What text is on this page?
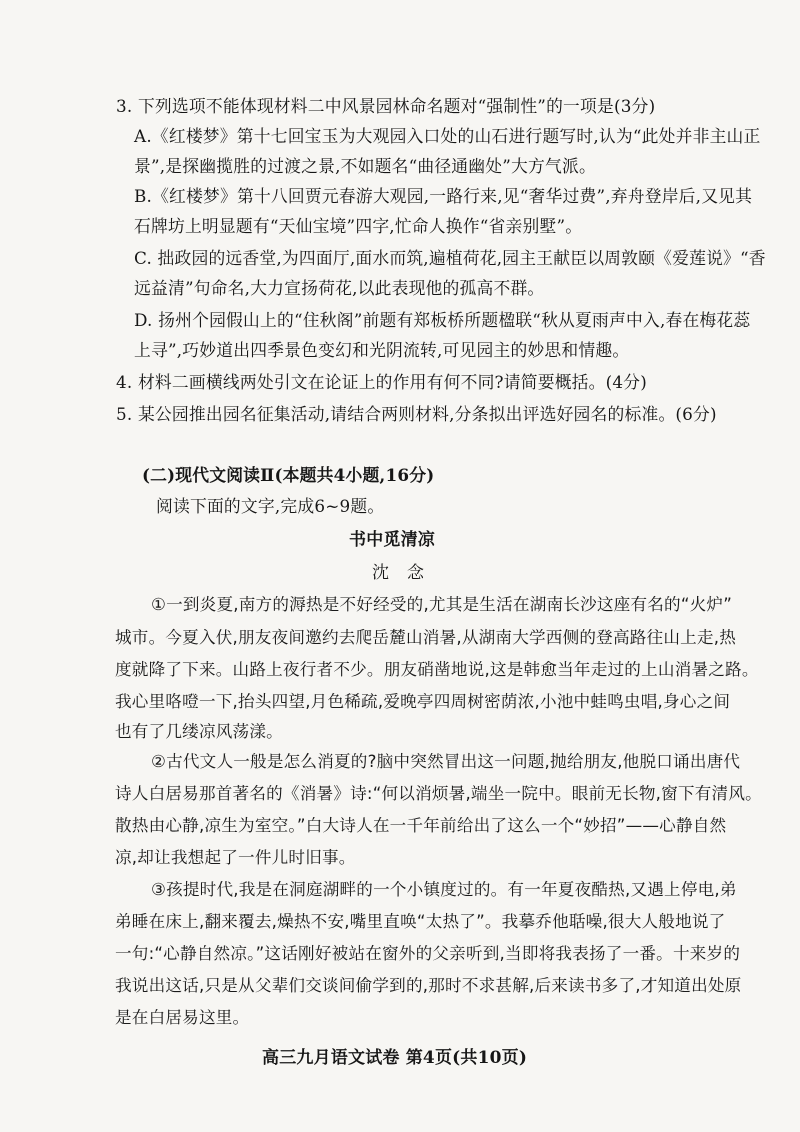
3. 下列选项不能体现材料二中风景园林命名题对“强制性”的一项是(3分)
A.《红楼梦》第十七回宝玉为大观园入口处的山石进行题写时,认为“此处并非主山正
景”,是探幽揽胜的过渡之景,不如题名“曲径通幽处”大方气派。
B.《红楼梦》第十八回贾元春游大观园,一路行来,见“奢华过费”,弃舟登岸后,又见其
石牌坊上明显题有“天仙宝境”四字,忙命人换作“省亲别墅”。
C. 拙政园的远香堂,为四面厅,面水而筑,遍植荷花,园主王献臣以周敦颐《爱莲说》“香
远益清”句命名,大力宣扬荷花,以此表现他的孤高不群。
D. 扬州个园假山上的“住秋阁”前题有郑板桥所题楹联“秋从夏雨声中入,春在梅花蕊
上寻”,巧妙道出四季景色变幻和光阴流转,可见园主的妙思和情趣。
4. 材料二画横线两处引文在论证上的作用有何不同?请简要概括。(4分)
5. 某公园推出园名征集活动,请结合两则材料,分条拟出评选好园名的标准。(6分)
(二)现代文阅读Ⅱ(本题共4小题,16分)
阅读下面的文字,完成6~9题。
书中觅清凉
沈念
①一到炎夏,南方的溽热是不好经受的,尤其是生活在湖南长沙这座有名的“火炉”
城市。今夏入伏,朋友夜间邀约去爬岳麓山消暑,从湖南大学西侧的登高路往山上走,热
度就降了下来。山路上夜行者不少。朋友硝凿地说,这是韩愈当年走过的上山消暑之路。
我心里咯噔一下,抬头四望,月色稀疏,爱晚亭四周树密荫浓,小池中蛙鸣虫唱,身心之间
也有了几缕凉风荡漾。
②古代文人一般是怎么消夏的?脑中突然冒出这一问题,抛给朋友,他脱口诵出唐代
诗人白居易那首著名的《消暑》诗:“何以消烦暑,端坐一院中。眼前无长物,窗下有清风。
散热由心静,凉生为室空。”白大诗人在一千年前给出了这么一个“妙招”——心静自然
凉,却让我想起了一件儿时旧事。
③孩提时代,我是在洞庭湖畔的一个小镇度过的。有一年夏夜酷热,又遇上停电,弟
弟睡在床上,翻来覆去,燥热不安,嘴里直唤“太热了”。我摹乔他聒噪,很大人般地说了
一句:“心静自然凉。”这话刚好被站在窗外的父亲听到,当即将我表扬了一番。十来岁的
我说出这话,只是从父辈们交谈间偷学到的,那时不求甚解,后来读书多了,才知道出处原
是在白居易这里。
高三九月语文试卷 第4页(共10页)
